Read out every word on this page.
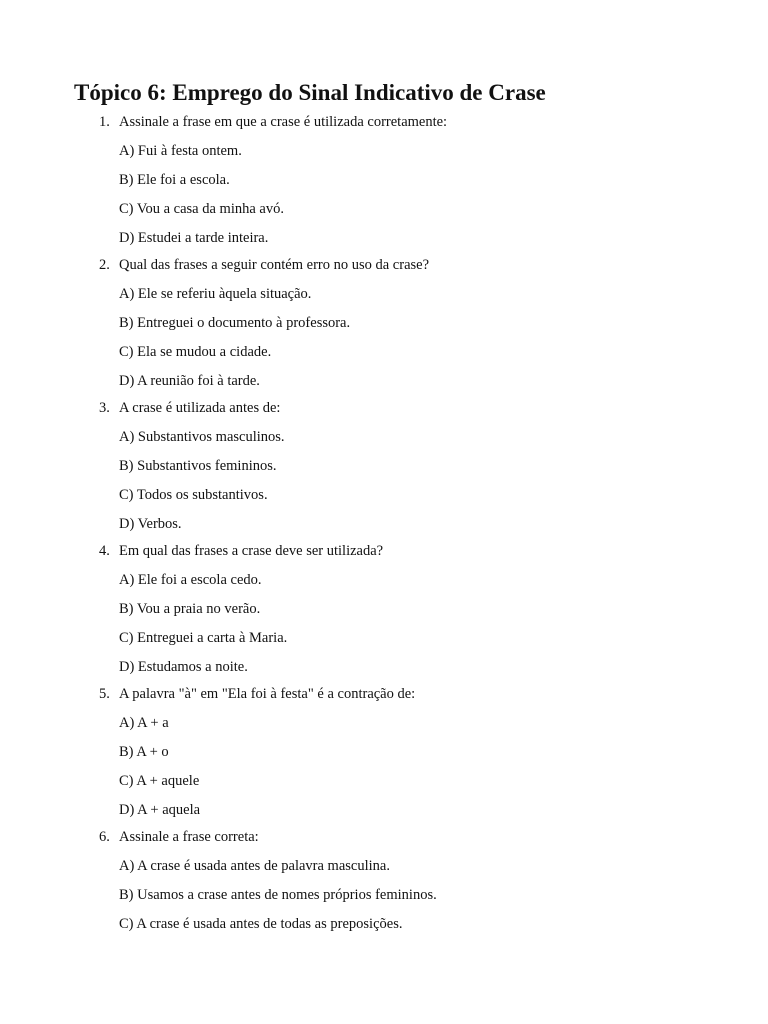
Tópico 6: Emprego do Sinal Indicativo de Crase
1. Assinale a frase em que a crase é utilizada corretamente:
A) Fui à festa ontem.
B) Ele foi a escola.
C) Vou a casa da minha avó.
D) Estudei a tarde inteira.
2. Qual das frases a seguir contém erro no uso da crase?
A) Ele se referiu àquela situação.
B) Entreguei o documento à professora.
C) Ela se mudou a cidade.
D) A reunião foi à tarde.
3. A crase é utilizada antes de:
A) Substantivos masculinos.
B) Substantivos femininos.
C) Todos os substantivos.
D) Verbos.
4. Em qual das frases a crase deve ser utilizada?
A) Ele foi a escola cedo.
B) Vou a praia no verão.
C) Entreguei a carta à Maria.
D) Estudamos a noite.
5. A palavra "à" em "Ela foi à festa" é a contração de:
A) A + a
B) A + o
C) A + aquele
D) A + aquela
6. Assinale a frase correta:
A) A crase é usada antes de palavra masculina.
B) Usamos a crase antes de nomes próprios femininos.
C) A crase é usada antes de todas as preposições.
